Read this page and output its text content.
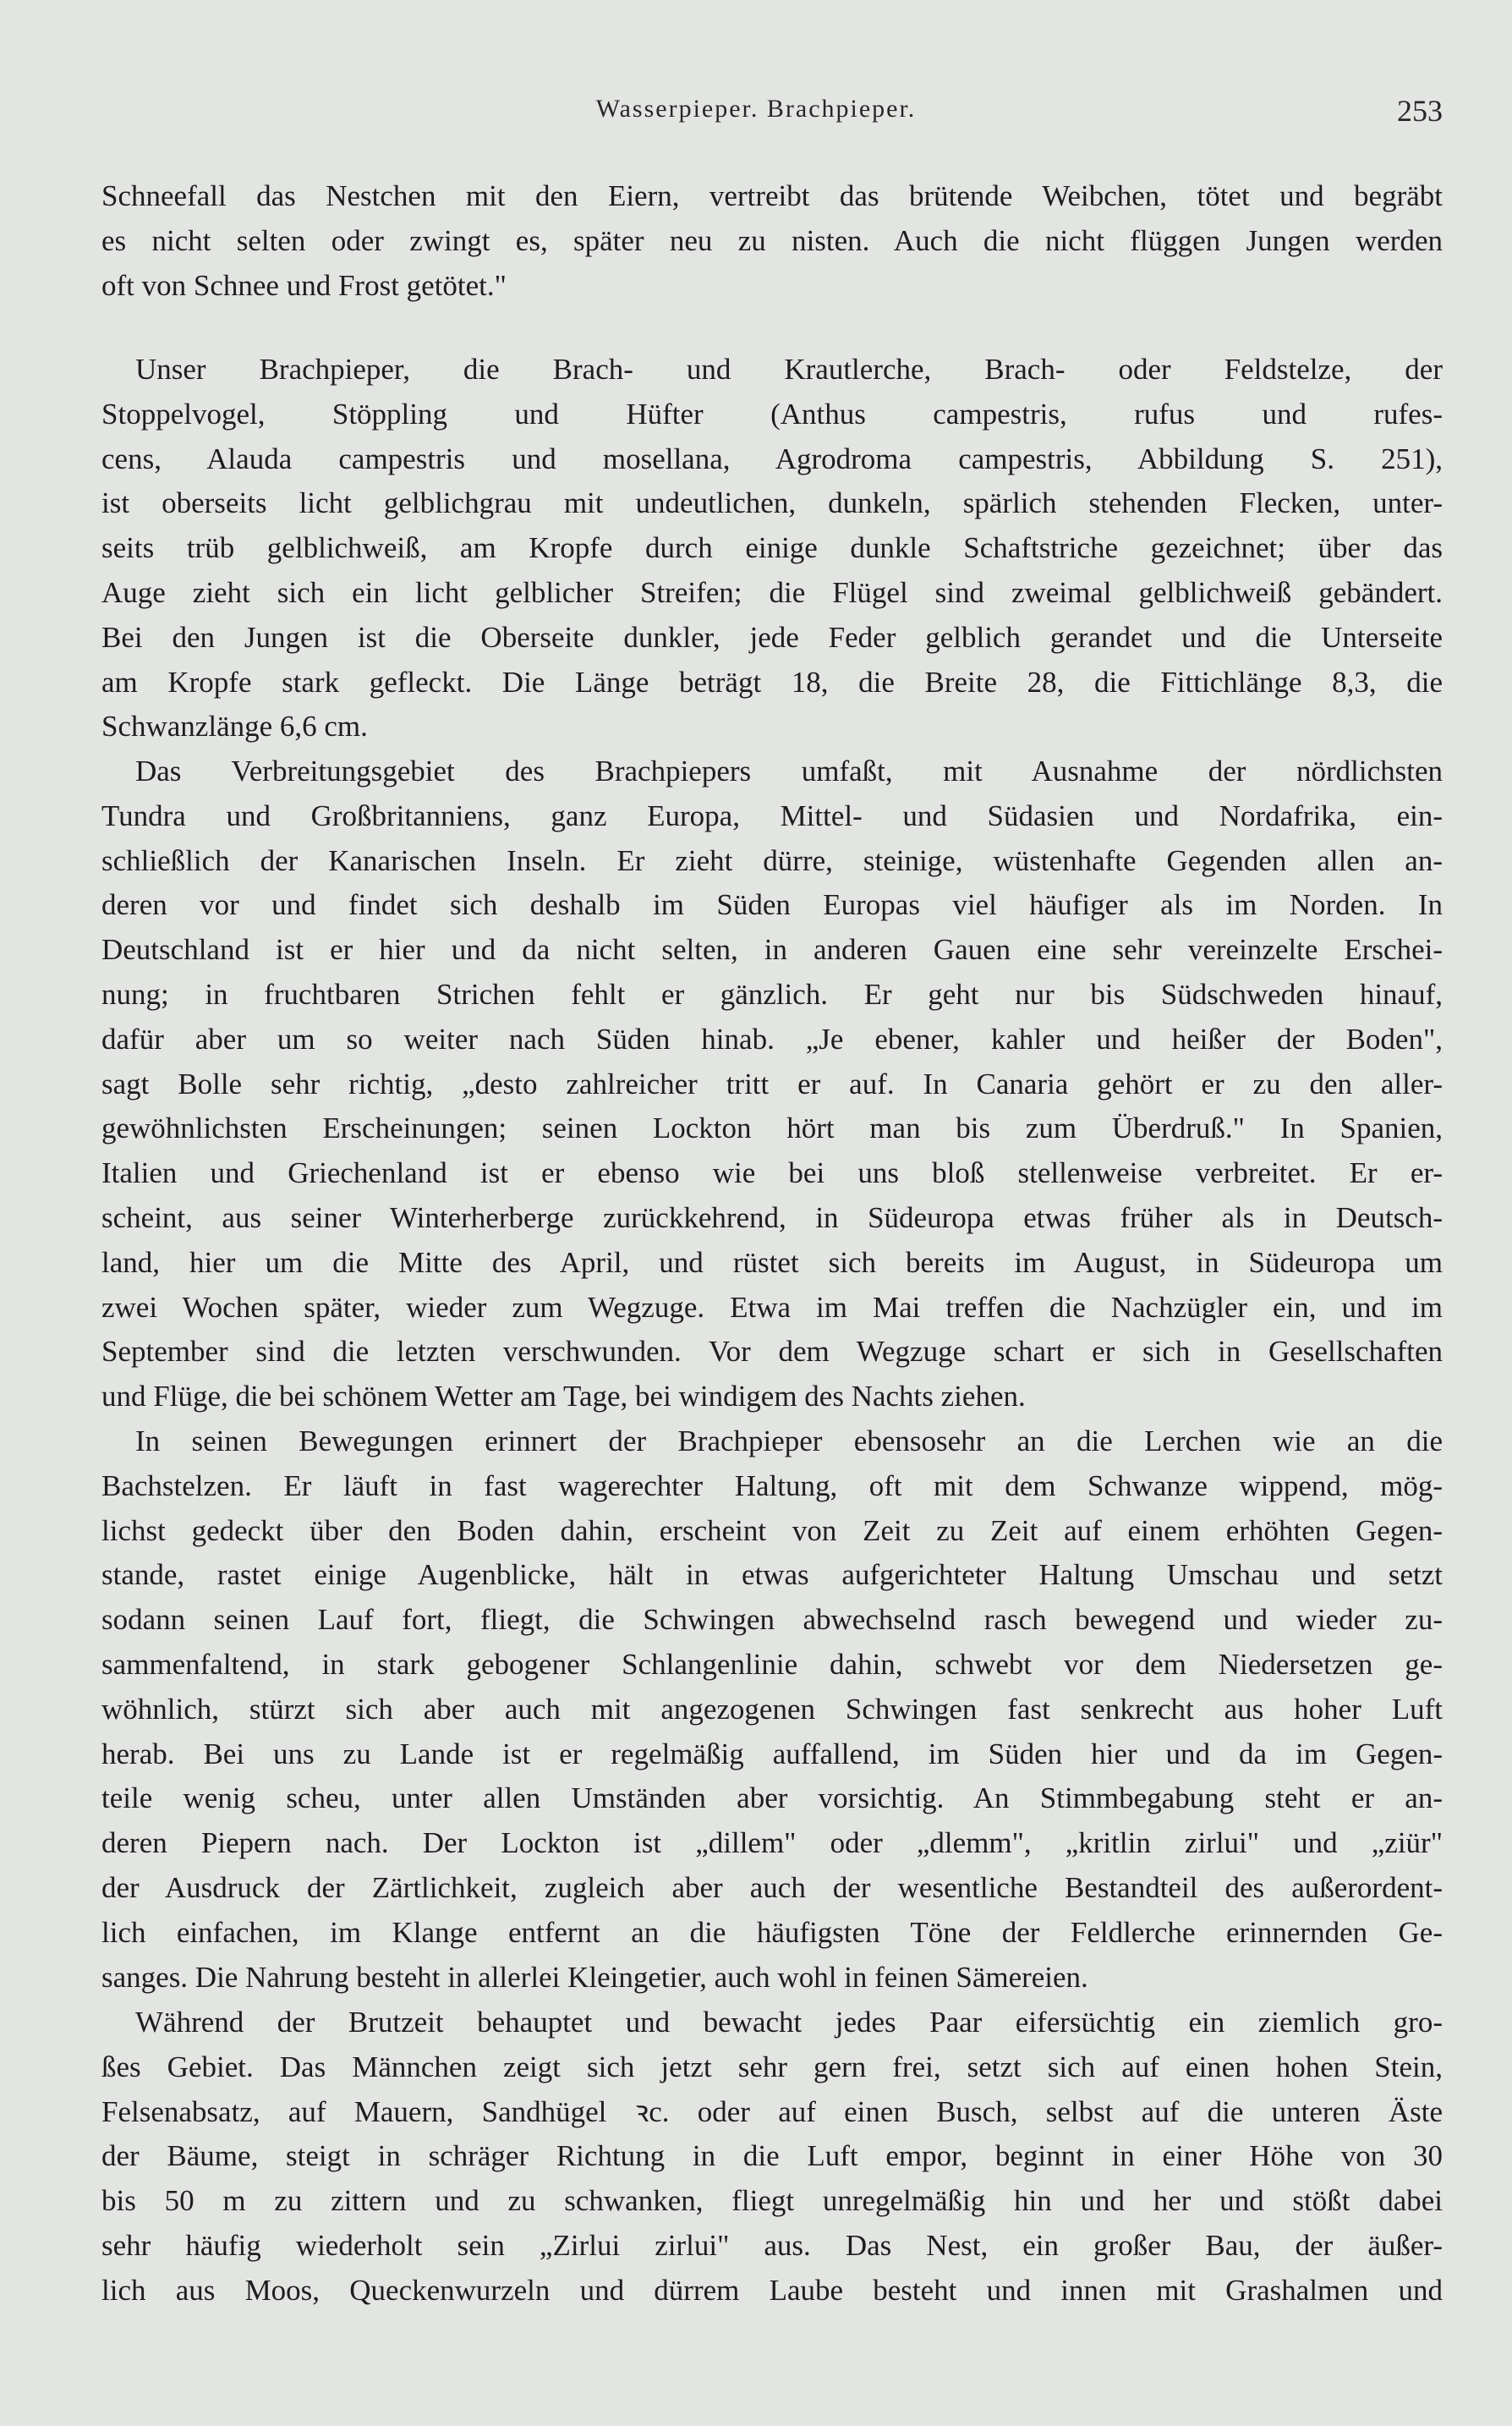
Wasserpieper. Brachpieper.	253
Schneefall das Nestchen mit den Eiern, vertreibt das brütende Weibchen, tötet und begräbt
es nicht selten oder zwingt es, später neu zu nisten. Auch die nicht flüggen Jungen werden
oft von Schnee und Frost getötet."
Unser Brachpieper, die Brach- und Krautlerche, Brach- oder Feldstelze, der
Stoppelvogel, Stöppling und Hüfter (Anthus campestris, rufus und rufes-
cens, Alauda campestris und mosellana, Agrodroma campestris, Abbildung S. 251),
ist oberseits licht gelblichgrau mit undeutlichen, dunkeln, spärlich stehenden Flecken, unter-
seits trüb gelblichweiß, am Kropfe durch einige dunkle Schaftstriche gezeichnet; über das
Auge zieht sich ein licht gelblicher Streifen; die Flügel sind zweimal gelblichweiß gebändert.
Bei den Jungen ist die Oberseite dunkler, jede Feder gelblich gerandet und die Unterseite
am Kropfe stark gefleckt. Die Länge beträgt 18, die Breite 28, die Fittichlänge 8,3, die
Schwanzlänge 6,6 cm.
Das Verbreitungsgebiet des Brachpiepers umfaßt, mit Ausnahme der nördlichsten
Tundra und Großbritanniens, ganz Europa, Mittel- und Südasien und Nordafrika, ein-
schließlich der Kanarischen Inseln. Er zieht dürre, steinige, wüstenhafte Gegenden allen an-
deren vor und findet sich deshalb im Süden Europas viel häufiger als im Norden. In
Deutschland ist er hier und da nicht selten, in anderen Gauen eine sehr vereinzelte Erschei-
nung; in fruchtbaren Strichen fehlt er gänzlich. Er geht nur bis Südschweden hinauf,
dafür aber um so weiter nach Süden hinab. „Je ebener, kahler und heißer der Boden",
sagt Bolle sehr richtig, „desto zahlreicher tritt er auf. In Canaria gehört er zu den aller-
gewöhnlichsten Erscheinungen; seinen Lockton hört man bis zum Überdruß." In Spanien,
Italien und Griechenland ist er ebenso wie bei uns bloß stellenweise verbreitet. Er er-
scheint, aus seiner Winterherberge zurückkehrend, in Südeuropa etwas früher als in Deutsch-
land, hier um die Mitte des April, und rüstet sich bereits im August, in Südeuropa um
zwei Wochen später, wieder zum Wegzuge. Etwa im Mai treffen die Nachzügler ein, und im
September sind die letzten verschwunden. Vor dem Wegzuge schart er sich in Gesellschaften
und Flüge, die bei schönem Wetter am Tage, bei windigem des Nachts ziehen.
In seinen Bewegungen erinnert der Brachpieper ebensosehr an die Lerchen wie an die
Bachstelzen. Er läuft in fast wagerechter Haltung, oft mit dem Schwanze wippend, mög-
lichst gedeckt über den Boden dahin, erscheint von Zeit zu Zeit auf einem erhöhten Gegen-
stande, rastet einige Augenblicke, hält in etwas aufgerichteter Haltung Umschau und setzt
sodann seinen Lauf fort, fliegt, die Schwingen abwechselnd rasch bewegend und wieder zu-
sammenfaltend, in stark gebogener Schlangenlinie dahin, schwebt vor dem Niedersetzen ge-
wöhnlich, stürzt sich aber auch mit angezogenen Schwingen fast senkrecht aus hoher Luft
herab. Bei uns zu Lande ist er regelmäßig auffallend, im Süden hier und da im Gegen-
teile wenig scheu, unter allen Umständen aber vorsichtig. An Stimmbegabung steht er an-
deren Piepern nach. Der Lockton ist „dillem" oder „dlemm", „kritlin zirlui" und „ziür"
der Ausdruck der Zärtlichkeit, zugleich aber auch der wesentliche Bestandteil des außerordent-
lich einfachen, im Klange entfernt an die häufigsten Töne der Feldlerche erinnernden Ge-
sanges. Die Nahrung besteht in allerlei Kleingetier, auch wohl in feinen Sämereien.
Während der Brutzeit behauptet und bewacht jedes Paar eifersüchtig ein ziemlich gro-
ßes Gebiet. Das Männchen zeigt sich jetzt sehr gern frei, setzt sich auf einen hohen Stein,
Felsenabsatz, auf Mauern, Sandhügel ꝛc. oder auf einen Busch, selbst auf die unteren Äste
der Bäume, steigt in schräger Richtung in die Luft empor, beginnt in einer Höhe von 30
bis 50 m zu zittern und zu schwanken, fliegt unregelmäßig hin und her und stößt dabei
sehr häufig wiederholt sein „Zirlui zirlui" aus. Das Nest, ein großer Bau, der äußer-
lich aus Moos, Queckenwurzeln und dürrem Laube besteht und innen mit Grashalmen und
